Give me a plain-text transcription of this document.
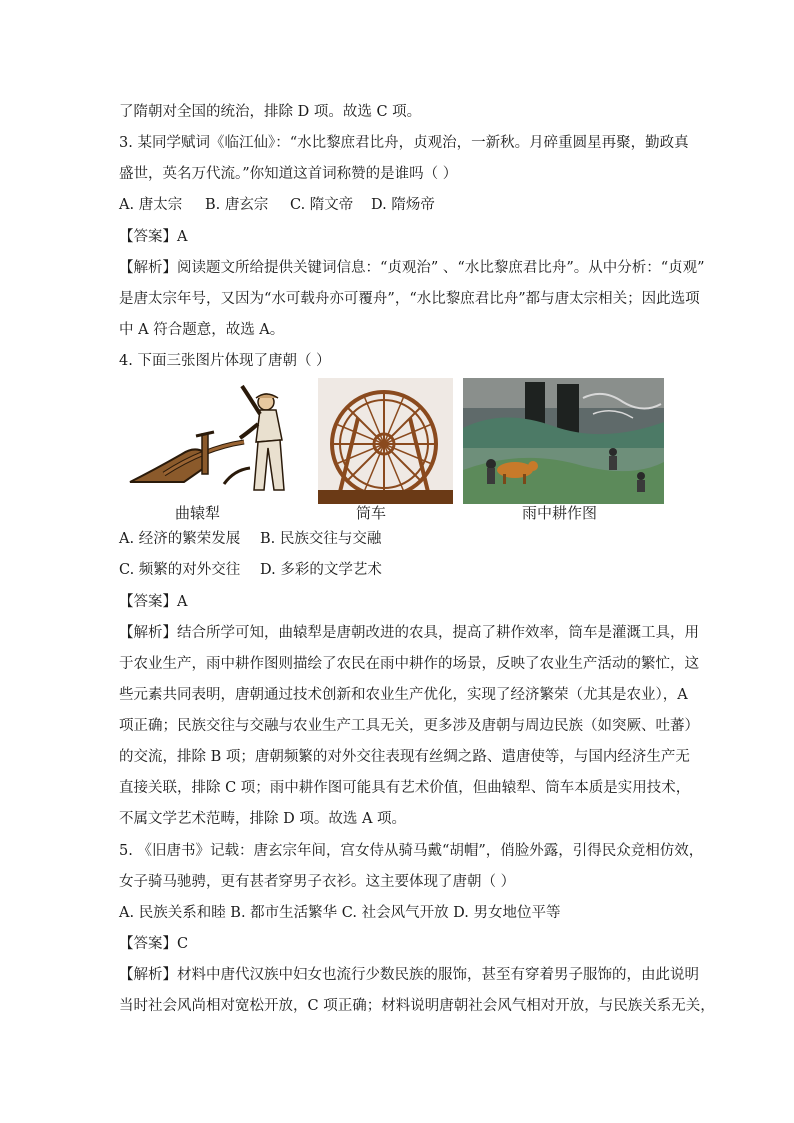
了隋朝对全国的统治，排除 D 项。故选 C 项。
3. 某同学赋词《临江仙》：“水比黎庶君比舟，贞观治，一新秋。月碎重圆星再聚，勤政真
盛世，英名万代流。”你知道这首词称赞的是谁吗（ ）
A. 唐太宗 B. 唐玄宗 C. 隋文帝 D. 隋炀帝
【答案】A
【解析】阅读题文所给提供关键词信息：“贞观治” 、“水比黎庶君比舟”。从中分析：“贞观”
是唐太宗年号，又因为“水可载舟亦可覆舟”，“水比黎庶君比舟”都与唐太宗相关；因此选项
中 A 符合题意，故选 A。
4. 下面三张图片体现了唐朝（ ）
曲辕犁	筒车	雨中耕作图
A. 经济的繁荣发展 B. 民族交往与交融
C. 频繁的对外交往 D. 多彩的文学艺术
【答案】A
【解析】结合所学可知，曲辕犁是唐朝改进的农具，提高了耕作效率，筒车是灌溉工具，用
于农业生产，雨中耕作图则描绘了农民在雨中耕作的场景，反映了农业生产活动的繁忙，这
些元素共同表明，唐朝通过技术创新和农业生产优化，实现了经济繁荣（尤其是农业），A
项正确；民族交往与交融与农业生产工具无关，更多涉及唐朝与周边民族（如突厥、吐蕃）
的交流，排除 B 项；唐朝频繁的对外交往表现有丝绸之路、遣唐使等，与国内经济生产无
直接关联，排除 C 项；雨中耕作图可能具有艺术价值，但曲辕犁、筒车本质是实用技术，
不属文学艺术范畴，排除 D 项。故选 A 项。
5. 《旧唐书》记载：唐玄宗年间，宫女侍从骑马戴“胡帽”，俏脸外露，引得民众竞相仿效，
女子骑马驰骋，更有甚者穿男子衣衫。这主要体现了唐朝（ ）
A. 民族关系和睦 B. 都市生活繁华 C. 社会风气开放 D. 男女地位平等
【答案】C
【解析】材料中唐代汉族中妇女也流行少数民族的服饰，甚至有穿着男子服饰的，由此说明
当时社会风尚相对宽松开放，C 项正确；材料说明唐朝社会风气相对开放，与民族关系无关，
